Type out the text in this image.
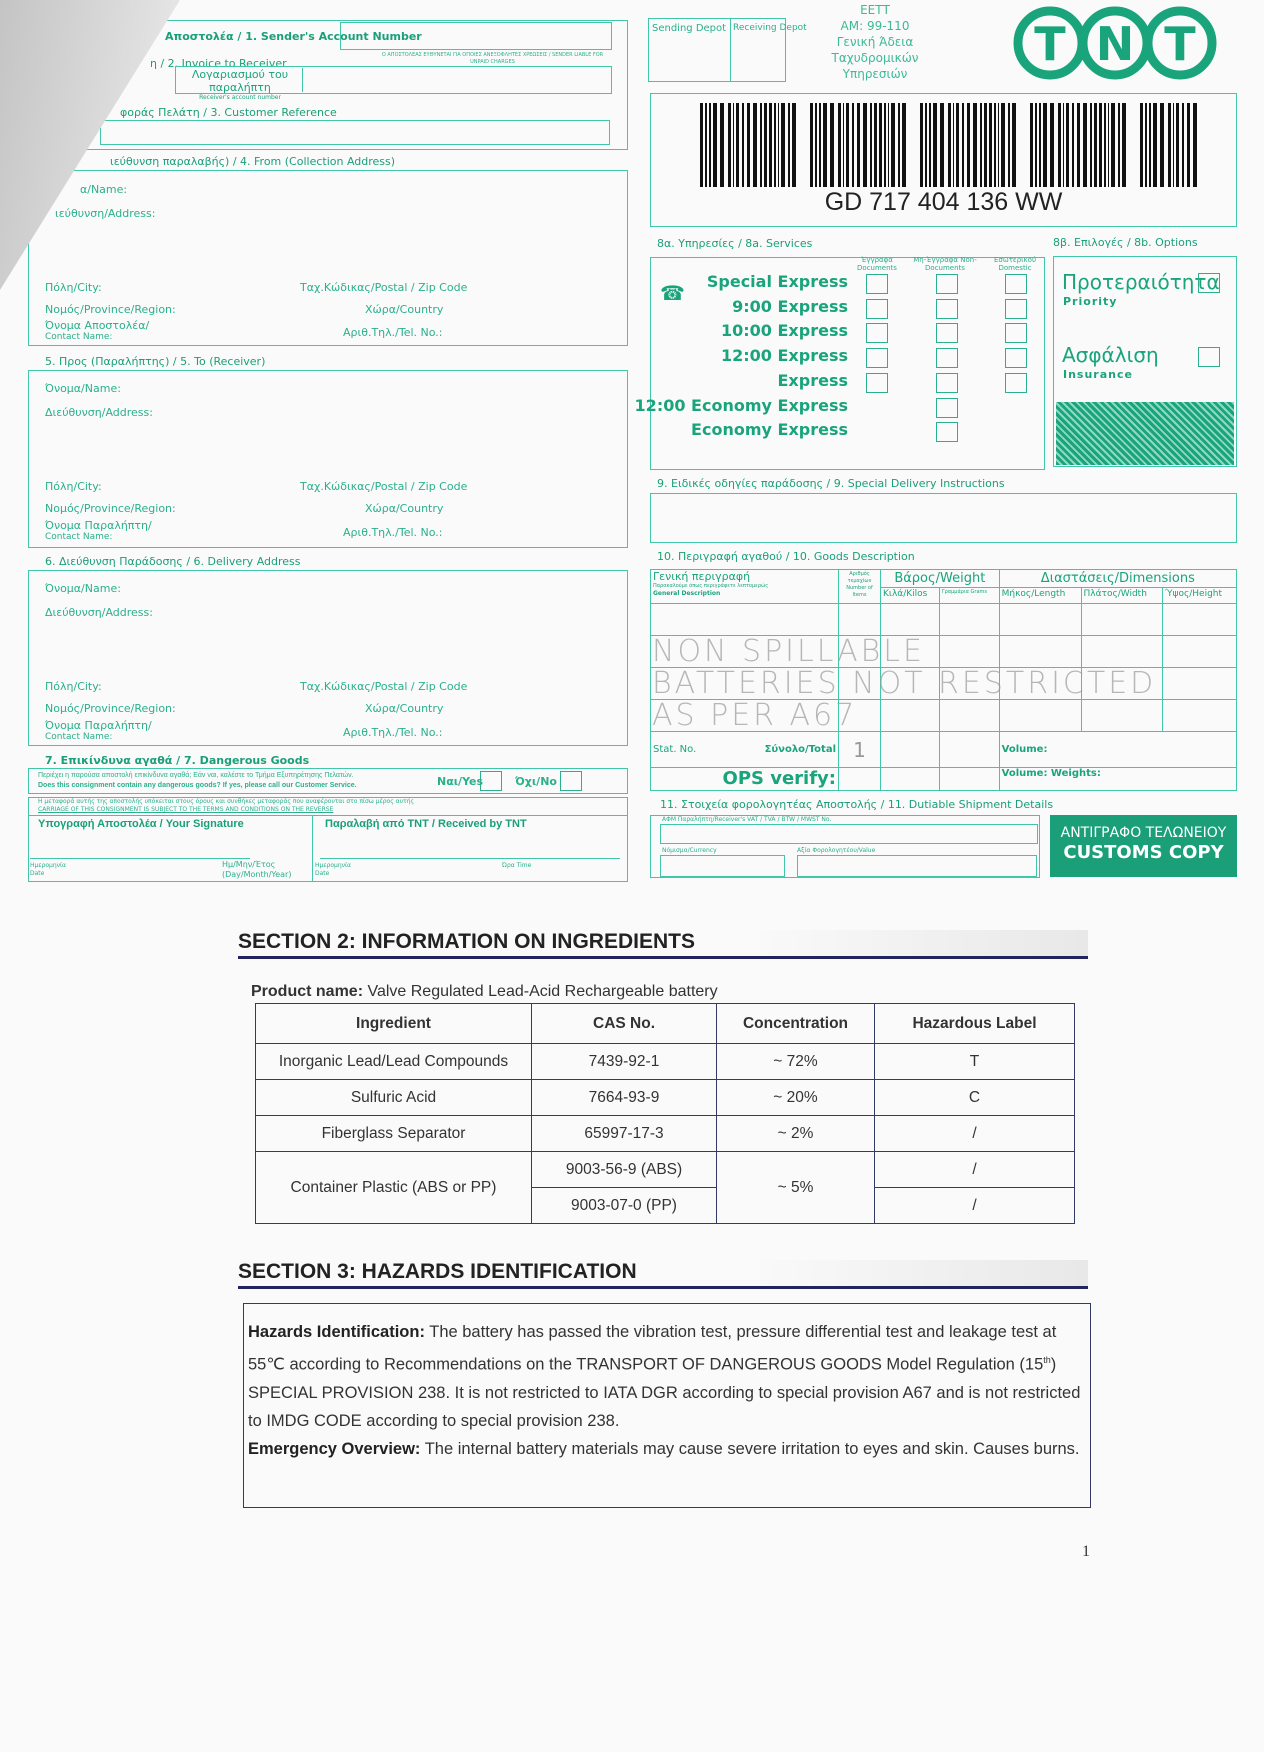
Αποστολέα / 1. Sender's Account Number
Ο ΑΠΟΣΤΟΛΕΑΣ ΕΥΘΥΝΕΤΑΙ ΓΙΑ ΟΠΟΙΕΣ ΑΝΕΞΟΦΛΗΤΕΣ ΧΡΕΩΣΕΙΣ / SENDER LIABLE FOR UNPAID CHARGES
η / 2. Invoice to Receiver
Λογαριασμού του παραλήπτη
Receiver's account number
φοράς Πελάτη / 3. Customer Reference
ιεύθυνση παραλαβής) / 4. From (Collection Address)
α/Name:
ιεύθυνση/Address:
Πόλη/City:	Ταχ.Κώδικας/Postal / Zip Code
Νομός/Province/Region:	Χώρα/Country
Όνομα Αποστολέα/
Contact Name:	Αριθ.Τηλ./Tel. No.:
5. Προς (Παραλήπτης) / 5. To (Receiver)
Όνομα/Name:
Διεύθυνση/Address:
Πόλη/City:	Ταχ.Κώδικας/Postal / Zip Code
Νομός/Province/Region:	Χώρα/Country
Όνομα Παραλήπτη/
Contact Name:	Αριθ.Τηλ./Tel. No.:
6. Διεύθυνση Παράδοσης / 6. Delivery Address
Όνομα/Name:
Διεύθυνση/Address:
Πόλη/City:	Ταχ.Κώδικας/Postal / Zip Code
Νομός/Province/Region:	Χώρα/Country
Όνομα Παραλήπτη/
Contact Name:	Αριθ.Τηλ./Tel. No.:
7. Επικίνδυνα αγαθά / 7. Dangerous Goods
Περιέχει η παρούσα αποστολή επικίνδυνα αγαθά; Εάν ναι, καλέστε το Τμήμα Εξυπηρέτησης Πελατών.
Does this consignment contain any dangerous goods? If yes, please call our Customer Service.	Ναι/Yes	Όχι/No
Η μεταφορά αυτής της αποστολής υπόκειται στους όρους και συνθήκες μεταφοράς που αναφέρονται στο πίσω μέρος αυτής
CARRIAGE OF THIS CONSIGNMENT IS SUBJECT TO THE TERMS AND CONDITIONS ON THE REVERSE
Υπογραφή Αποστολέα / Your Signature	Παραλαβή από TNT / Received by TNT
Ημερομηνία Date
Ημ/Μην/Έτος (Day/Month/Year)
Ημερομηνία Date
Ώρα Time
Sending Depot Receiving Depot
ΕΕΤΤ
ΑΜ: 99-110
Γενική Άδεια
Ταχυδρομικών
Υπηρεσιών
T N T
GD 717 404 136 WW
8α. Υπηρεσίες / 8a. Services
☎
Έγγραφα Documents
Μη-Έγγραφα Non-Documents
Εσωτερικού Domestic
Special Express
9:00 Express
10:00 Express
12:00 Express
Express
12:00 Economy Express
Economy Express
8β. Επιλογές / 8b. Options
Προτεραιότητα
Priority
Ασφάλιση
Insurance
9. Ειδικές οδηγίες παράδοσης / 9. Special Delivery Instructions
10. Περιγραφή αγαθού / 10. Goods Description
Γενική περιγραφή
Παρακαλούμε όπως περιγράφετε λεπτομερώς
General Description	Αριθμός τεμαχίων Number of Items	Βάρος/Weight		Διαστάσεις/Dimensions		
		Κιλά/Kilos	Γραμμάρια Grams	Μήκος/Length	Πλάτος/Width	Ύψος/Height

Stat. No. Σύνολο/Total	1			Volume:		
OPS verify:				Volume: Weights:		
NON SPILLABLE
BATTERIES NOT RESTRICTED
AS PER A67
11. Στοιχεία φορολογητέας Αποστολής / 11. Dutiable Shipment Details
ΑΦΜ Παραλήπτη/Receiver's VAT / TVA / BTW / MWST No.
Νόμισμα/Currency	Αξία Φορολογητέου/Value
ΑΝΤΙΓΡΑΦΟ ΤΕΛΩΝΕΙΟΥ
CUSTOMS COPY
SECTION 2: INFORMATION ON INGREDIENTS
Product name: Valve Regulated Lead-Acid Rechargeable battery
Ingredient	CAS No.	Concentration	Hazardous Label
Inorganic Lead/Lead Compounds	7439-92-1	~ 72%	T
Sulfuric Acid	7664-93-9	~ 20%	C
Fiberglass Separator	65997-17-3	~ 2%	/
Container Plastic (ABS or PP)	9003-56-9 (ABS)	~ 5%	/
	9003-07-0 (PP)		/
SECTION 3: HAZARDS IDENTIFICATION
Hazards Identification: The battery has passed the vibration test, pressure differential test and leakage test at 55℃ according to Recommendations on the TRANSPORT OF DANGEROUS GOODS Model Regulation (15th) SPECIAL PROVISION 238. It is not restricted to IATA DGR according to special provision A67 and is not restricted to IMDG CODE according to special provision 238.
Emergency Overview: The internal battery materials may cause severe irritation to eyes and skin. Causes burns.
1
